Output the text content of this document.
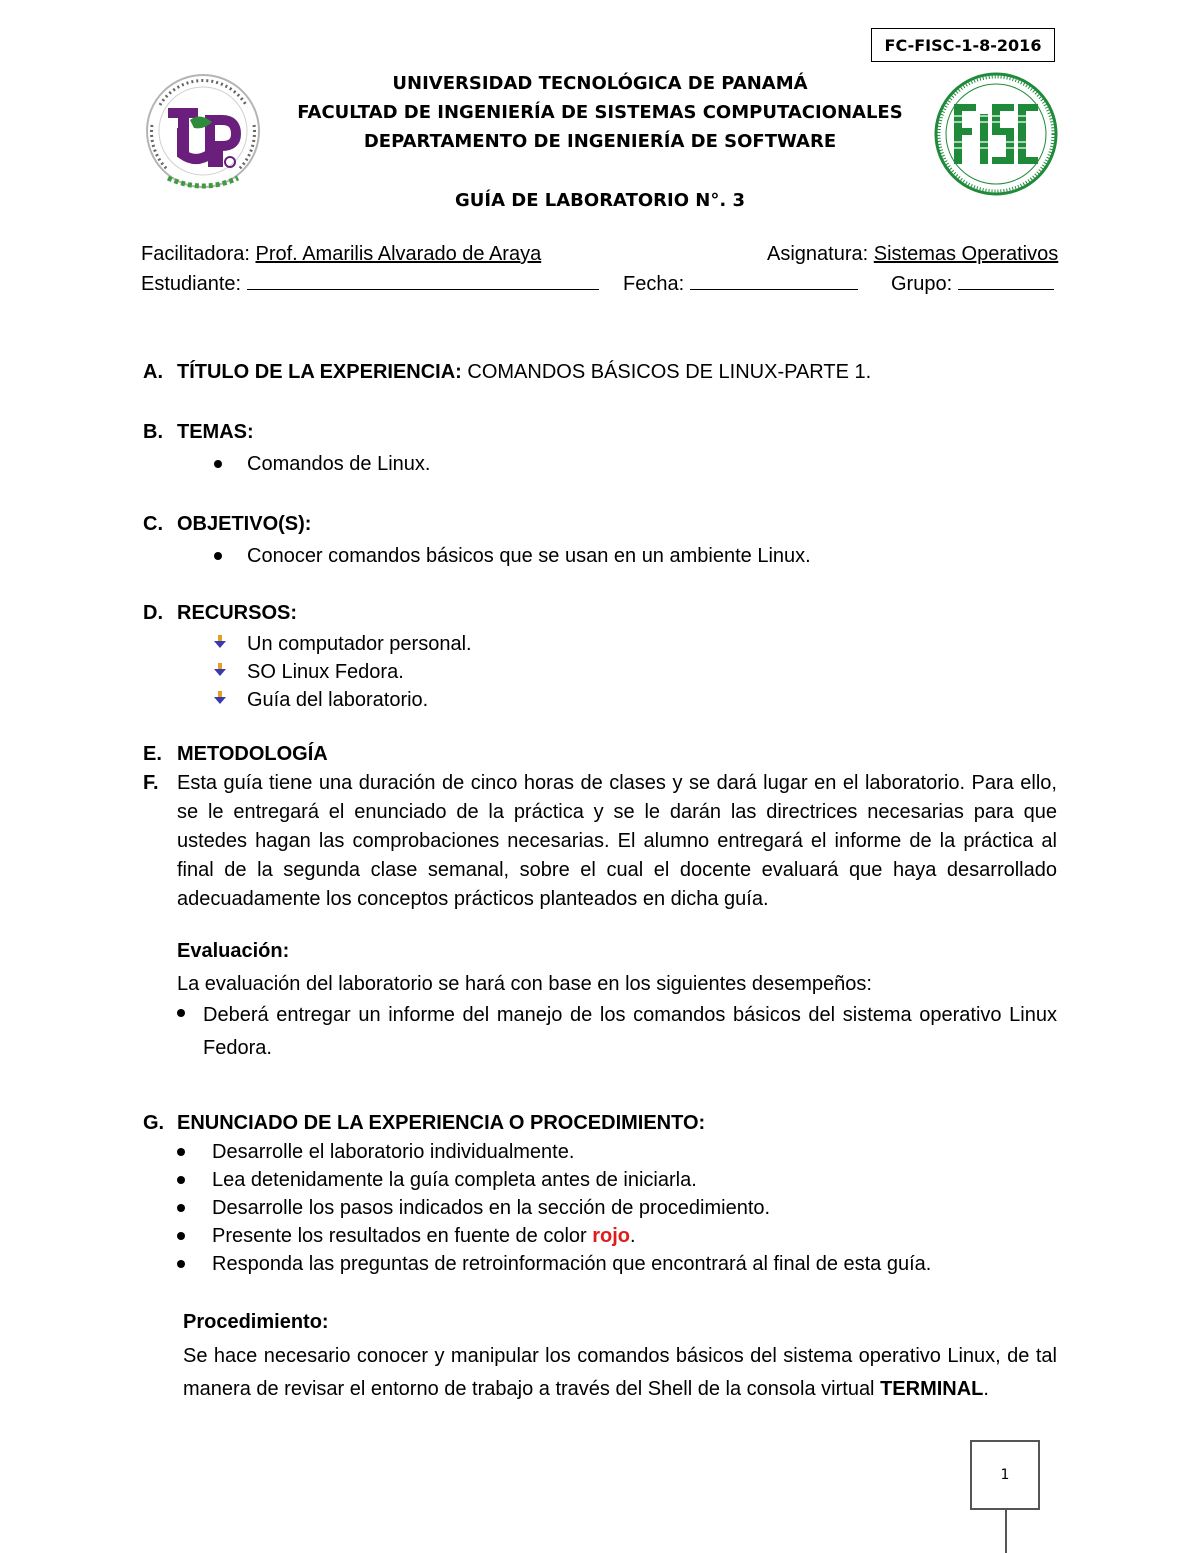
FC-FISC-1-8-2016
UNIVERSIDAD TECNOLÓGICA DE PANAMÁ
FACULTAD DE INGENIERÍA DE SISTEMAS COMPUTACIONALES
DEPARTAMENTO DE INGENIERÍA DE SOFTWARE
GUÍA DE LABORATORIO N°. 3
Facilitadora: Prof. Amarilis Alvarado de Araya	Asignatura: Sistemas Operativos
Estudiante:	Fecha:	Grupo:
A. TÍTULO DE LA EXPERIENCIA: COMANDOS BÁSICOS DE LINUX-PARTE 1.
B. TEMAS:
Comandos de Linux.
C. OBJETIVO(S):
Conocer comandos básicos que se usan en un ambiente Linux.
D. RECURSOS:
Un computador personal.
SO Linux Fedora.
Guía del laboratorio.
E. METODOLOGÍA
F. Esta guía tiene una duración de cinco horas de clases y se dará lugar en el laboratorio. Para ello, se le entregará el enunciado de la práctica y se le darán las directrices necesarias para que ustedes hagan las comprobaciones necesarias. El alumno entregará el informe de la práctica al final de la segunda clase semanal, sobre el cual el docente evaluará que haya desarrollado adecuadamente los conceptos prácticos planteados en dicha guía.
Evaluación:
La evaluación del laboratorio se hará con base en los siguientes desempeños:
Deberá entregar un informe del manejo de los comandos básicos del sistema operativo Linux Fedora.
G. ENUNCIADO DE LA EXPERIENCIA O PROCEDIMIENTO:
Desarrolle el laboratorio individualmente.
Lea detenidamente la guía completa antes de iniciarla.
Desarrolle los pasos indicados en la sección de procedimiento.
Presente los resultados en fuente de color rojo.
Responda las preguntas de retroinformación que encontrará al final de esta guía.
Procedimiento:
Se hace necesario conocer y manipular los comandos básicos del sistema operativo Linux, de tal manera de revisar el entorno de trabajo a través del Shell de la consola virtual TERMINAL.
1
